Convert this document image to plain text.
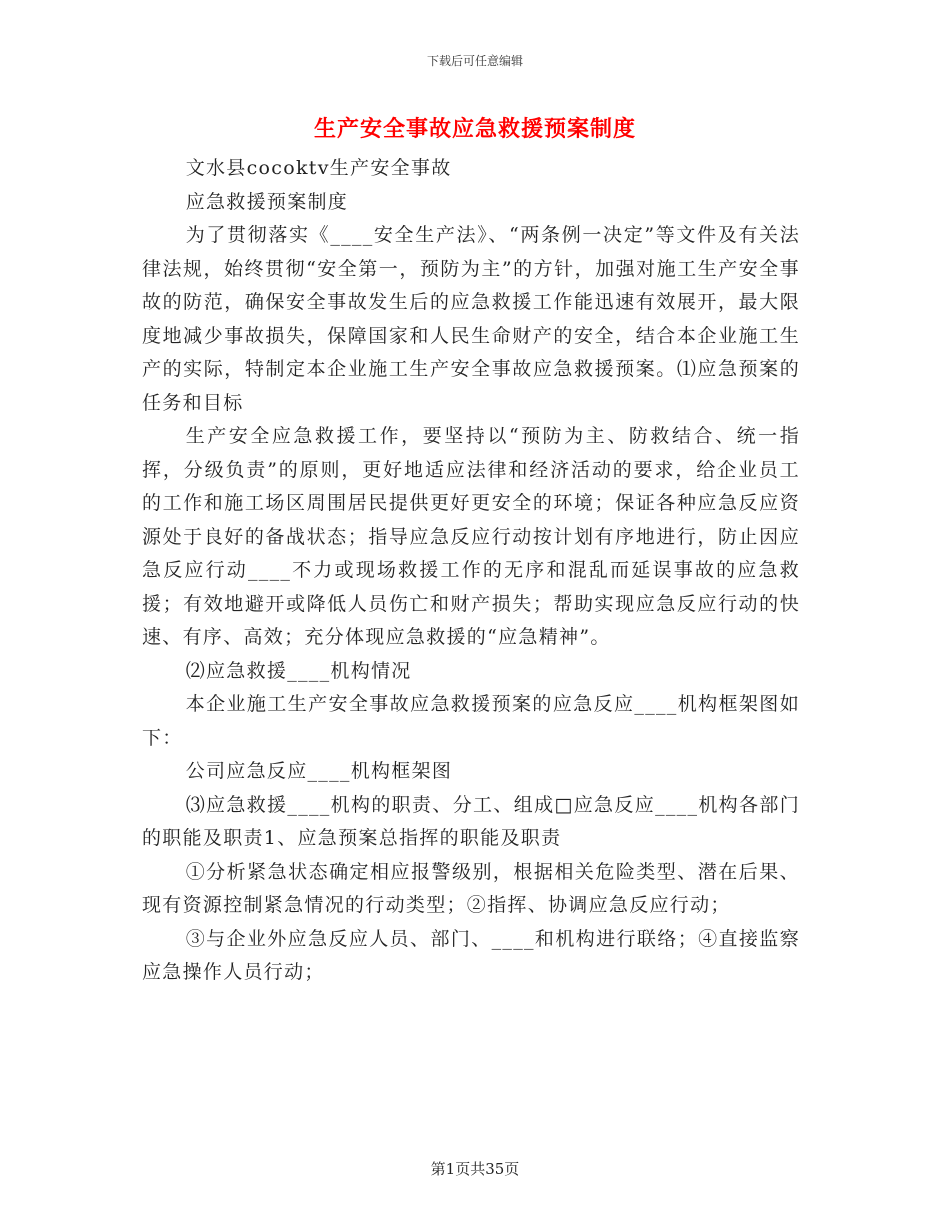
下载后可任意编辑
生产安全事故应急救援预案制度

文水县cocoktv生产安全事故

应急救援预案制度

为了贯彻落实《____安全生产法》、“两条例一决定”等文件及有关法律法规，始终贯彻“安全第一，预防为主”的方针，加强对施工生产安全事故的防范，确保安全事故发生后的应急救援工作能迅速有效展开，最大限度地减少事故损失，保障国家和人民生命财产的安全，结合本企业施工生产的实际，特制定本企业施工生产安全事故应急救援预案。⑴应急预案的任务和目标

生产安全应急救援工作，要坚持以“预防为主、防救结合、统一指挥，分级负责”的原则，更好地适应法律和经济活动的要求，给企业员工的工作和施工场区周围居民提供更好更安全的环境；保证各种应急反应资源处于良好的备战状态；指导应急反应行动按计划有序地进行，防止因应急反应行动____不力或现场救援工作的无序和混乱而延误事故的应急救援；有效地避开或降低人员伤亡和财产损失；帮助实现应急反应行动的快速、有序、高效；充分体现应急救援的“应急精神”。

⑵应急救援____机构情况

本企业施工生产安全事故应急救援预案的应急反应____机构框架图如下：

公司应急反应____机构框架图

⑶应急救援____机构的职责、分工、组成□应急反应____机构各部门的职能及职责1、应急预案总指挥的职能及职责

①分析紧急状态确定相应报警级别，根据相关危险类型、潜在后果、现有资源控制紧急情况的行动类型；②指挥、协调应急反应行动；

③与企业外应急反应人员、部门、____和机构进行联络；④直接监察应急操作人员行动；

第1页共35页
